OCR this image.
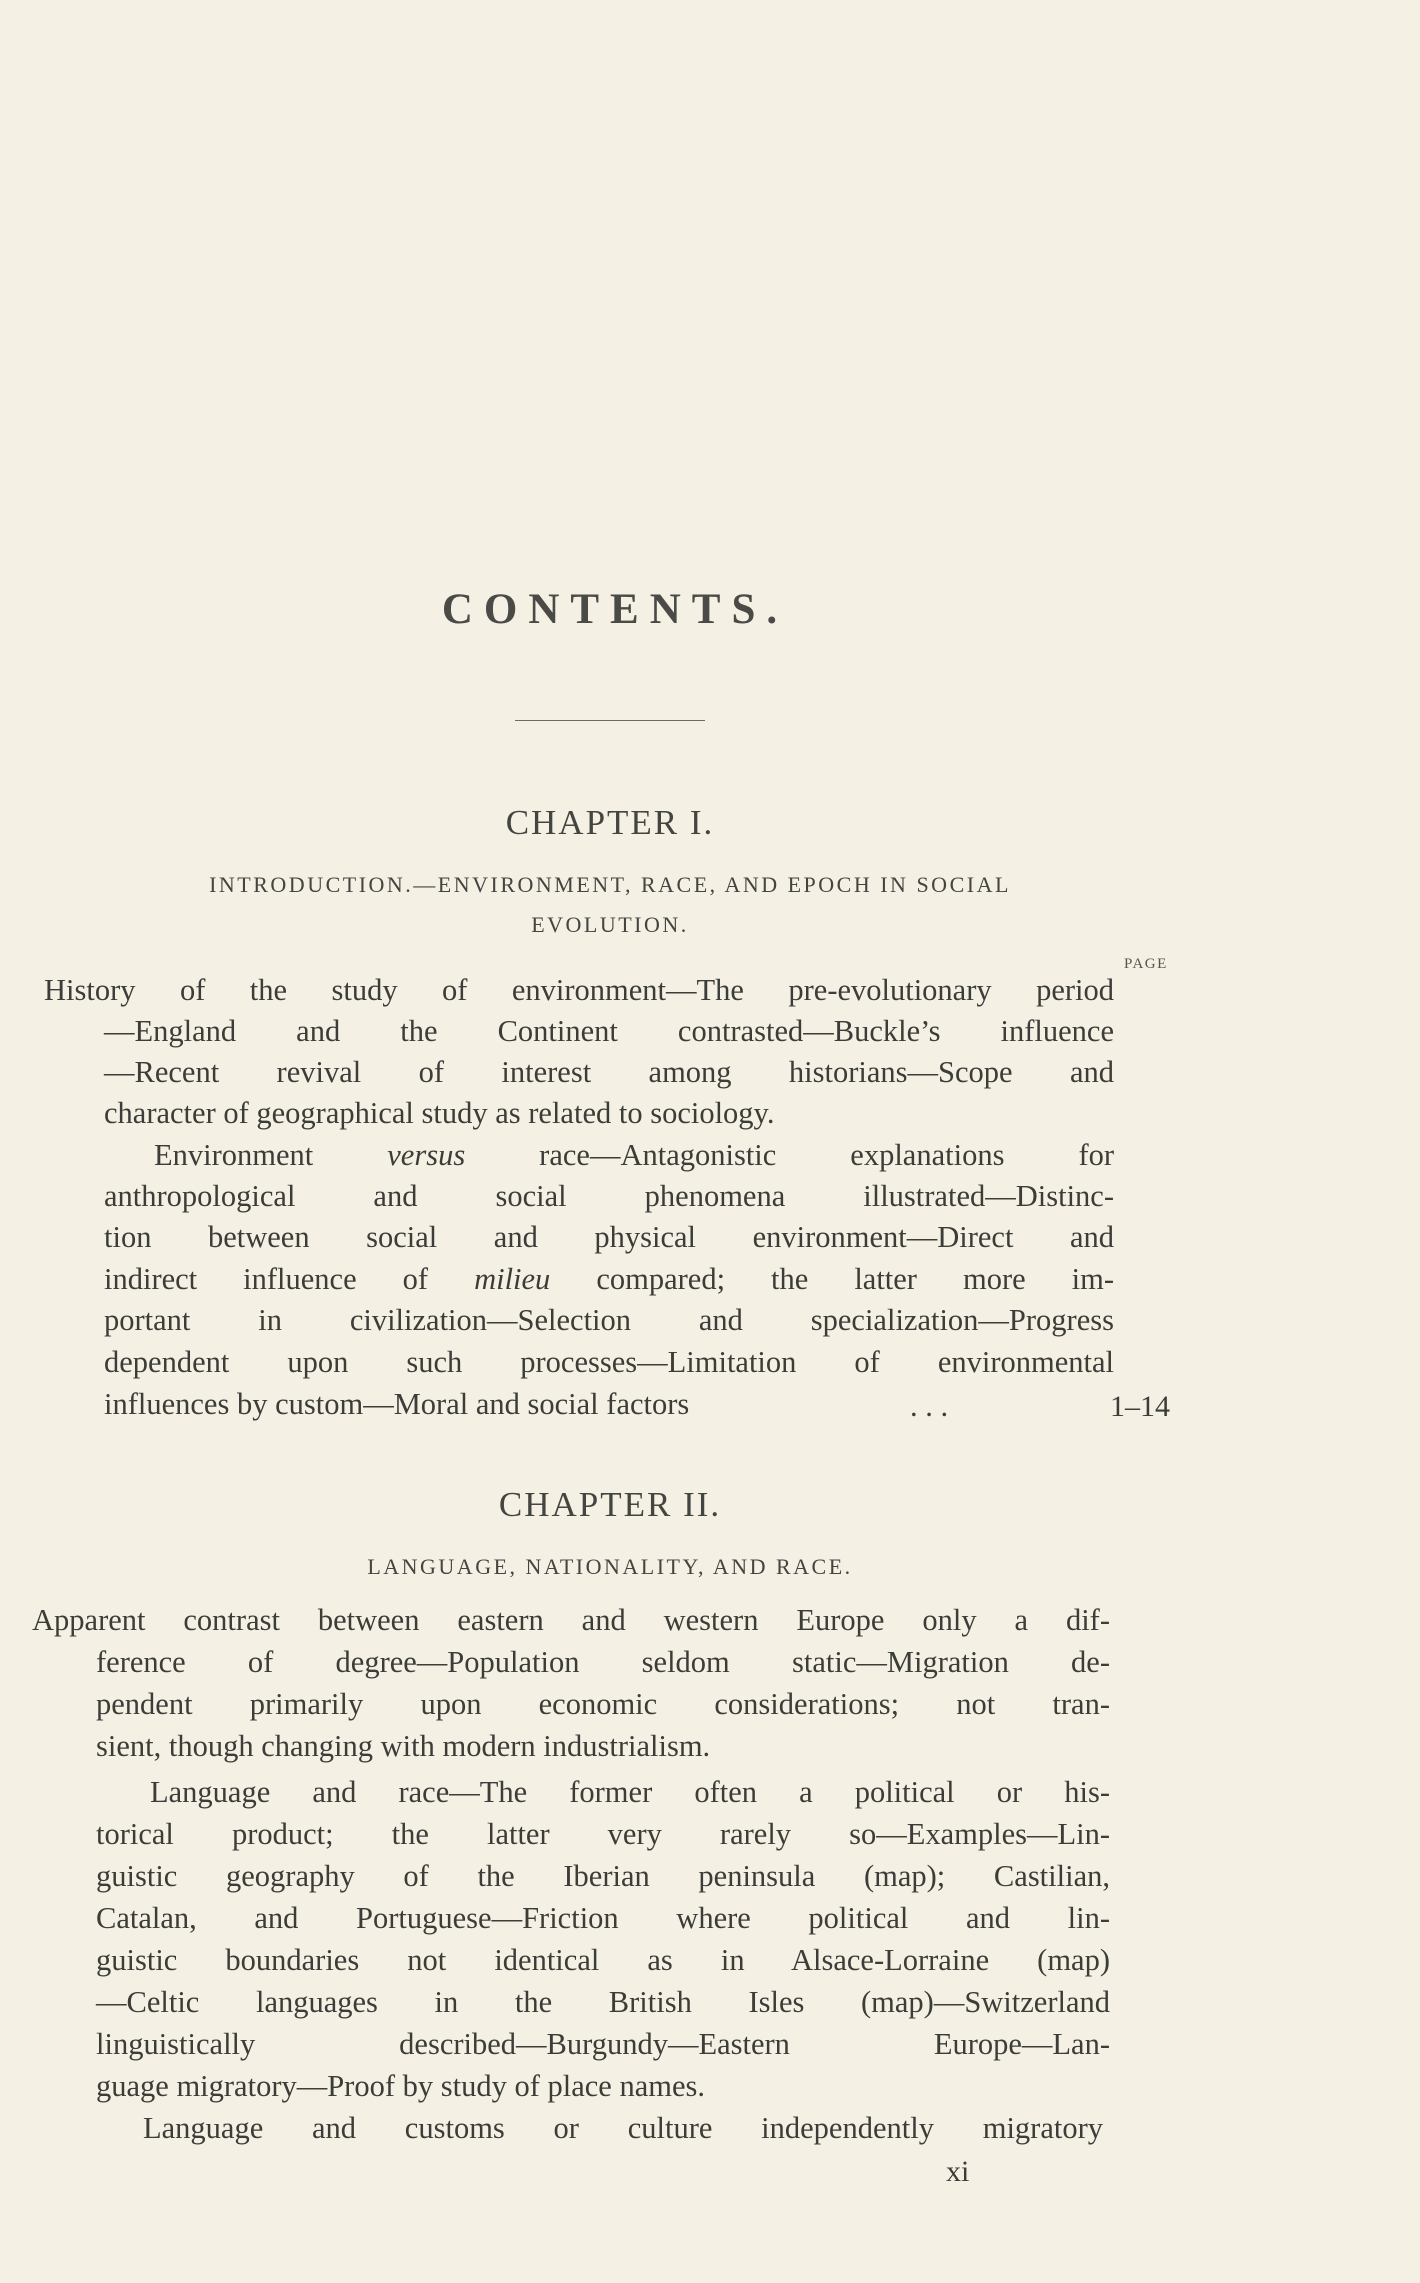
CONTENTS.
CHAPTER I.
INTRODUCTION.—ENVIRONMENT, RACE, AND EPOCH IN SOCIAL
EVOLUTION.
PAGE
History of the study of environment—The pre-evolutionary period
—England and the Continent contrasted—Buckle’s influence
—Recent revival of interest among historians—Scope and
character of geographical study as related to sociology.
Environment versus race—Antagonistic explanations for
anthropological and social phenomena illustrated—Distinc-
tion between social and physical environment—Direct and
indirect influence of milieu compared; the latter more im-
portant in civilization—Selection and specialization—Progress
dependent upon such processes—Limitation of environmental
influences by custom—Moral and social factors	. . .	1–14
CHAPTER II.
LANGUAGE, NATIONALITY, AND RACE.
Apparent contrast between eastern and western Europe only a dif-
ference of degree—Population seldom static—Migration de-
pendent primarily upon economic considerations; not tran-
sient, though changing with modern industrialism.
Language and race—The former often a political or his-
torical product; the latter very rarely so—Examples—Lin-
guistic geography of the Iberian peninsula (map); Castilian,
Catalan, and Portuguese—Friction where political and lin-
guistic boundaries not identical as in Alsace-Lorraine (map)
—Celtic languages in the British Isles (map)—Switzerland
linguistically described—Burgundy—Eastern Europe—Lan-
guage migratory—Proof by study of place names.
Language and customs or culture independently migratory
xi
